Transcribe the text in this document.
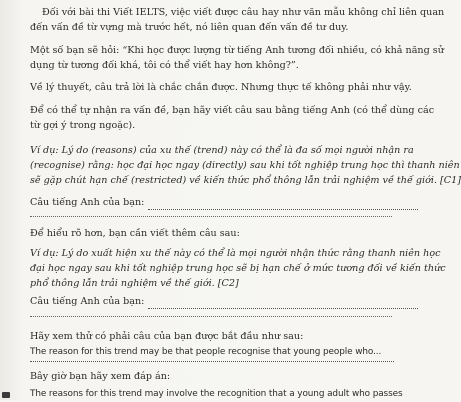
Đối với bài thi Viết IELTS, việc viết được câu hay như văn mẫu không chỉ liên quan
đến vấn đề từ vựng mà trước hết, nó liên quan đến vấn đề tư duy.
Một số bạn sẽ hỏi: “Khi học được lượng từ tiếng Anh tương đối nhiều, có khả năng sử
dụng từ tương đối khá, tôi có thể viết hay hơn không?”.
Về lý thuyết, câu trả lời là chắc chắn được. Nhưng thực tế không phải như vậy.
Để có thể tự nhận ra vấn đề, bạn hãy viết câu sau bằng tiếng Anh (có thể dùng các
từ gợi ý trong ngoặc).
Ví dụ: Lý do (reasons) của xu thế (trend) này có thể là đa số mọi người nhận ra
(recognise) rằng: học đại học ngay (directly) sau khi tốt nghiệp trung học thì thanh niên
sẽ gặp chút hạn chế (restricted) về kiến thức phổ thông lẫn trải nghiệm về thế giới. [C1]
Câu tiếng Anh của bạn:
Để hiểu rõ hơn, bạn cần viết thêm câu sau:
Ví dụ: Lý do xuất hiện xu thế này có thể là mọi người nhận thức rằng thanh niên học
đại học ngay sau khi tốt nghiệp trung học sẽ bị hạn chế ở mức tương đối về kiến thức
phổ thông lẫn trải nghiệm về thế giới. [C2]
Câu tiếng Anh của bạn:
Hãy xem thử có phải câu của bạn được bắt đầu như sau:
The reason for this trend may be that people recognise that young people who...
Bây giờ bạn hãy xem đáp án:
The reasons for this trend may involve the recognition that a young adult who passes
